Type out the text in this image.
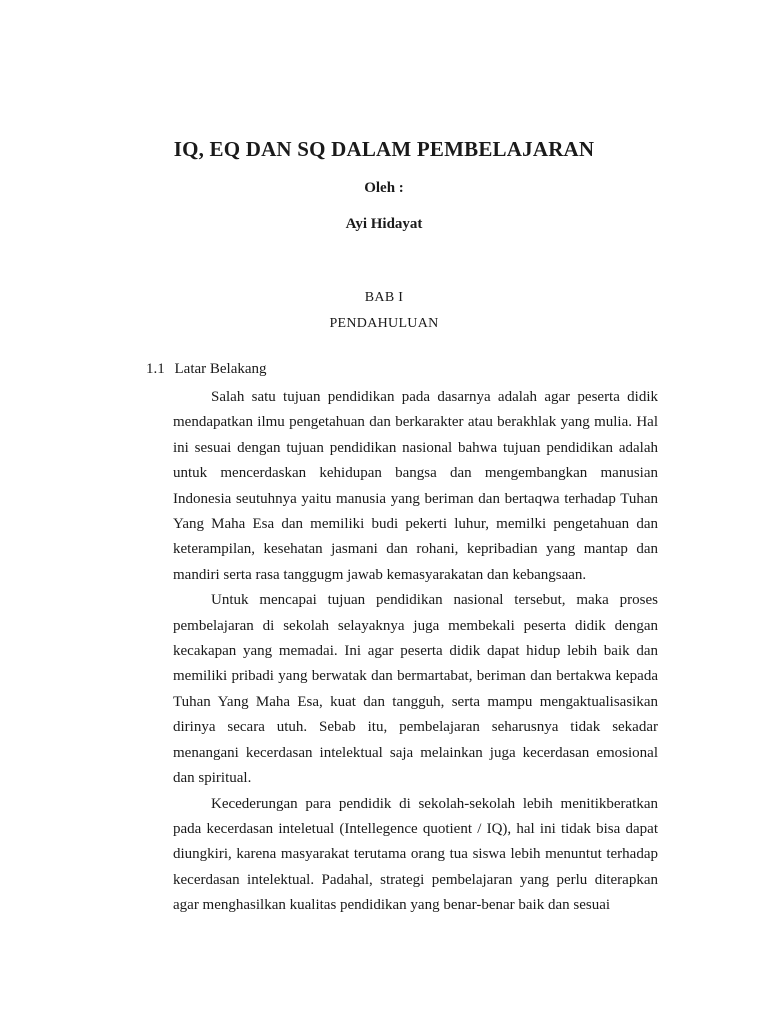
IQ, EQ DAN SQ DALAM PEMBELAJARAN
Oleh :
Ayi Hidayat
BAB I
PENDAHULUAN
1.1 Latar Belakang

Salah satu tujuan pendidikan pada dasarnya adalah agar peserta didik mendapatkan ilmu pengetahuan dan berkarakter atau berakhlak yang mulia. Hal ini sesuai dengan tujuan pendidikan nasional bahwa tujuan pendidikan adalah untuk mencerdaskan kehidupan bangsa dan mengembangkan manusian Indonesia seutuhnya yaitu manusia yang beriman dan bertaqwa terhadap Tuhan Yang Maha Esa dan memiliki budi pekerti luhur, memilki pengetahuan dan keterampilan, kesehatan jasmani dan rohani, kepribadian yang mantap dan mandiri serta rasa tanggugm jawab kemasyarakatan dan kebangsaan.

Untuk mencapai tujuan pendidikan nasional tersebut, maka proses pembelajaran di sekolah selayaknya juga membekali peserta didik dengan kecakapan yang memadai. Ini agar peserta didik dapat hidup lebih baik dan memiliki pribadi yang berwatak dan bermartabat, beriman dan bertakwa kepada Tuhan Yang Maha Esa, kuat dan tangguh, serta mampu mengaktualisasikan dirinya secara utuh. Sebab itu, pembelajaran seharusnya tidak sekadar menangani kecerdasan intelektual saja melainkan juga kecerdasan emosional dan spiritual.

Kecederungan para pendidik di sekolah-sekolah lebih menitikberatkan pada kecerdasan inteletual (Intellegence quotient / IQ), hal ini tidak bisa dapat diungkiri, karena masyarakat terutama orang tua siswa lebih menuntut terhadap kecerdasan intelektual. Padahal, strategi pembelajaran yang perlu diterapkan agar menghasilkan kualitas pendidikan yang benar-benar baik dan sesuai
